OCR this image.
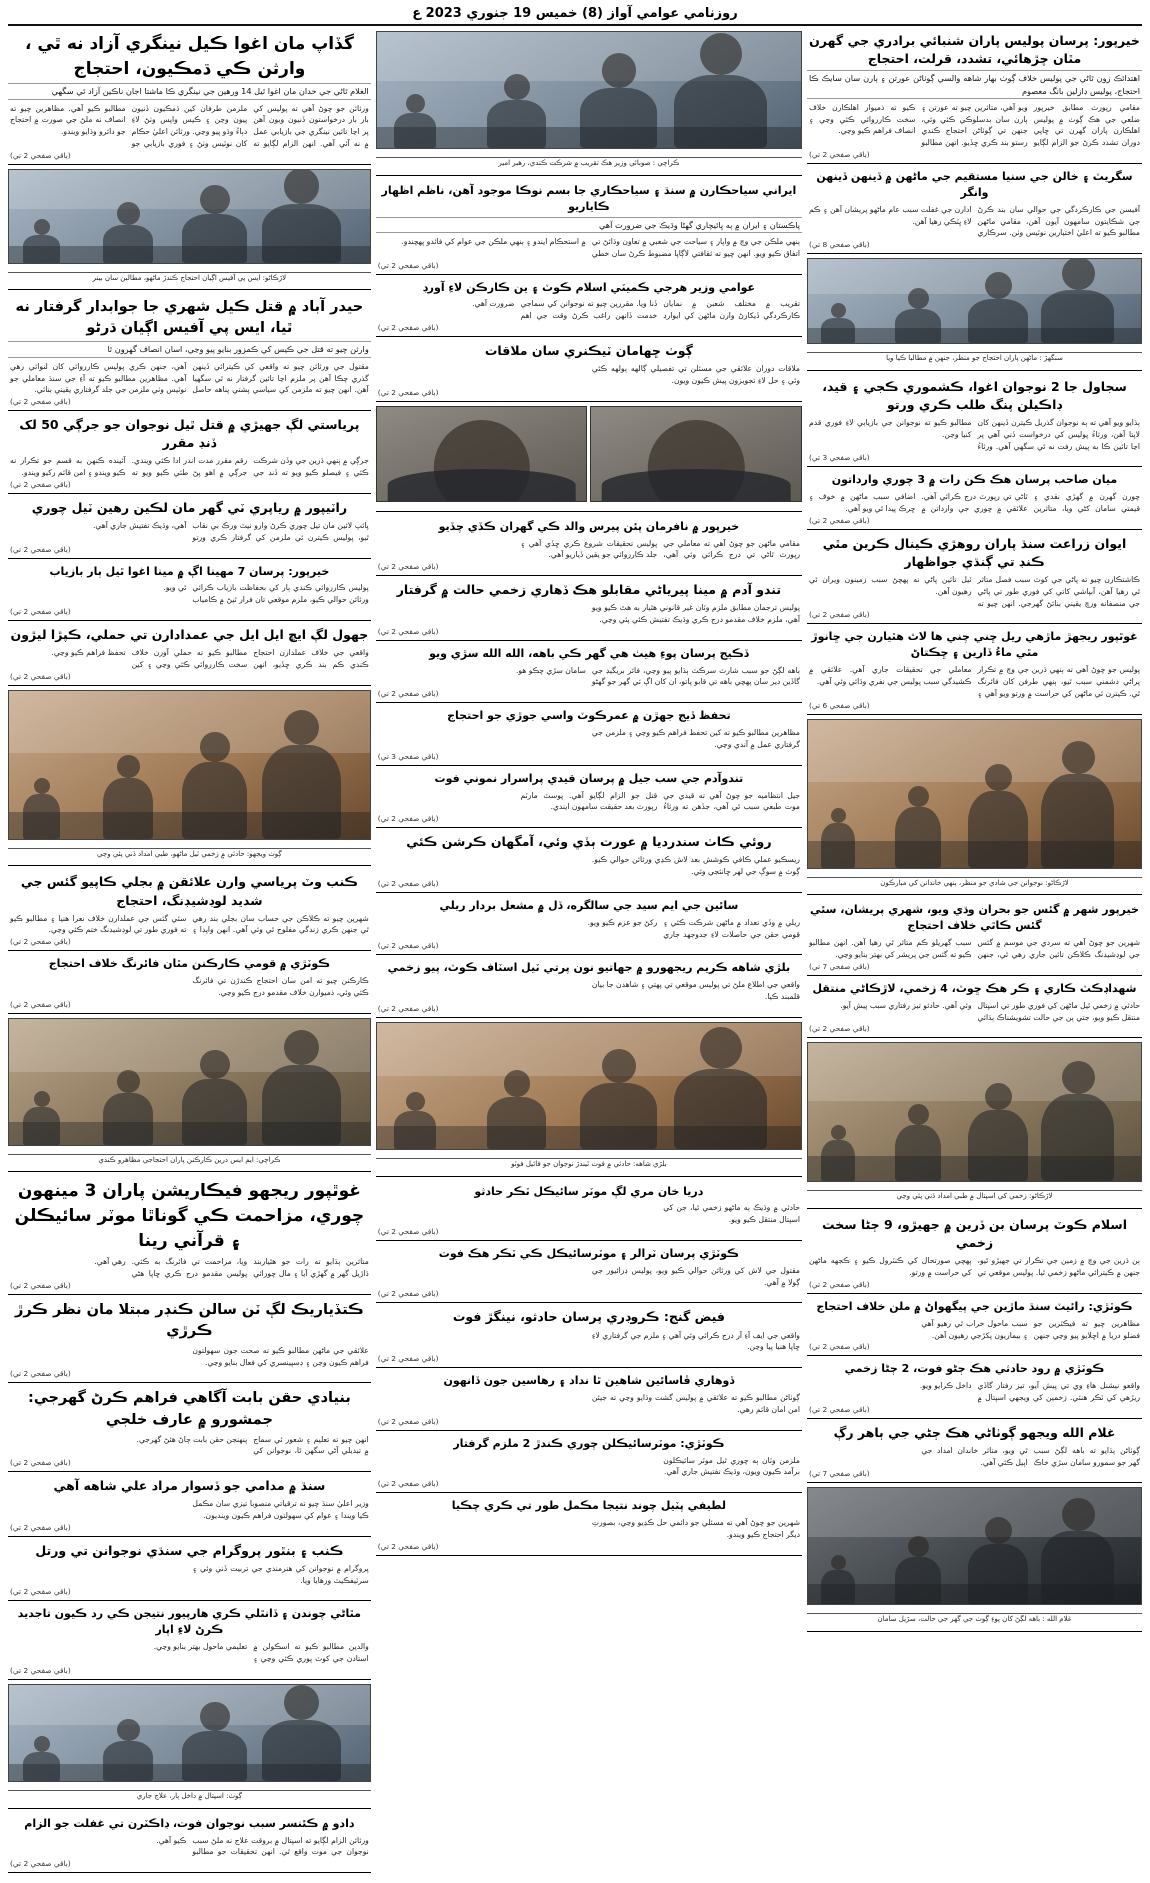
روزنامي عوامي آواز (8) خميس 19 جنوري 2023 ع
خيرپور: پرسان پوليس پاران شنبائي برادري جي گهرن مٿان چڙهائي، تشدد، قرلت، احتجاج
اهتدائڪ زون ٿاڻي جي پوليس خلاف ڳوٺ بهار شاهه والسي ڳوٺاڻن عورتن ۽ ٻارن سان سايڪ ڪا احتجاج، پوليس ڊازلين بانگ معصوم
مقامي رپورٽ مطابق خيرپور ضلعي جي هڪ ڳوٺ ۾ پوليس اهلڪارن پاران گهرن تي ڇاپي دوران تشدد ڪرڻ جو الزام لڳايو ويو آهي، متاثرين چيو ته عورتن ۽ ٻارن سان بدسلوڪي ڪئي وئي، جنهن تي ڳوٺاڻن احتجاج ڪندي رستو بند ڪري ڇڏيو. انهن مطالبو ڪيو ته ذميوار اهلڪارن خلاف سخت ڪارروائي ڪئي وڃي ۽ انصاف فراهم ڪيو وڃي.
(باقي صفحي 2 تي)
سگريٽ ۽ خالن جي سنيا مستقيم جي ماڻهن ۾ ڏينهن ڏينهن وانگر
آفيسن جي ڪارڪردگي جي حوالي سان بند ڪرڻ جي شڪايتون سامهون آيون آهن، مقامي ماڻهن مطالبو ڪيو ته اعليٰ اختيارين نوٽيس وٺن. سرڪاري ادارن جي غفلت سبب عام ماڻهو پريشان آهن ۽ ڪم لاءِ ڀٽڪي رهيا آهن.
(باقي صفحي 8 تي)
سنگهڙ : ماڻهن پاران احتجاج جو منظر، جنهن ۾ مطالبا ڪيا ويا
سجاول جا 2 نوجوان اغوا، ڪشموري ڪجي ۽ قيد، ڊاڪيلن پنگ طلب ڪري ورتو
ٻڌايو ويو آهي ته ٻه نوجوان گذريل ڪيترن ڏينهن کان لاپتا آهن، ورثاءُ پوليس کي درخواست ڏني آهي پر اڃا تائين ڪا به پيش رفت نه ٿي سگهي آهي. ورثاءُ مطالبو ڪيو ته نوجوانن جي بازيابي لاءِ فوري قدم کنيا وڃن.
(باقي صفحي 3 تي)
ميان صاحب پرسان هڪ ڪن رات ۾ 3 چوري وارداتون
چورن گهرن ۾ گهڙي نقدي ۽ قيمتي سامان کڻي ويا، متاثرين ٿاڻي تي رپورٽ درج ڪرائي آهي. علائقي ۾ چوري جي وارداتن ۾ اضافي سبب ماڻهن ۾ خوف ۽ ڇرڪ پيدا ٿي ويو آهي.
(باقي صفحي 2 تي)
ايوان زراعت سنڌ پاران روهڙي ڪينال ڪرين مٿي ڪنڊ تي ڳنڌي جواظهار
ڪاشتڪارن چيو ته پاڻي جي کوٽ سبب فصل متاثر ٿي رهيا آهن، آبپاشي کاتي کي فوري طور تي پاڻي جي منصفانه ورڇ يقيني بنائڻ گهرجي. انهن چيو ته ٽيل تائين پاڻي نه پهچڻ سبب زمينون ويران ٿي رهيون آهن.
(باقي صفحي 2 تي)
غوٿپور ريجهڙ ماڙهي ريل ڇني چني ها لاٿ هٿيارن جي ڇانوڙ مٿي ماءُ ڏارين ۽ ڇڪتاڻ
پوليس جو چوڻ آهي ته ٻنهي ڌرين جي وچ ۾ تڪرار پراڻي دشمني سبب ٿيو، ٻنهي طرفن کان فائرنگ ٿي. ڪيترن ئي ماڻهن کي حراست ۾ ورتو ويو آهي ۽ معاملي جي تحقيقات جاري آهي. علائقي ۾ ڪشيدگي سبب پوليس جي نفري وڌائي وئي آهي.
(باقي صفحي 6 تي)
لاڙڪاڻو: نوجوانن جي شادي جو منظر، ٻنهي خاندانن کي مبارڪون
خيرپور شهر ۾ گئس جو بحران وڌي ويو، شهري پريشان، سئي گئس ڪاٿي خلاف احتجاج
شهرين جو چوڻ آهي ته سردي جي موسم ۾ گئس جي لوڊشيڊنگ ڪلاڪن تائين جاري رهي ٿي، جنهن سبب گهريلو ڪم متاثر ٿي رهيا آهن. انهن مطالبو ڪيو ته گئس جي پريشر کي بهتر بنايو وڃي.
(باقي صفحي 7 تي)
شهداڊڪٽ ڪاري ۽ ڪر هڪ ڇوٽ، 4 زخمي، لاڙڪاڻي منتقل
حادثي ۾ زخمي ٿيل ماڻهن کي فوري طور تي اسپتال منتقل ڪيو ويو، جتي ٻن جي حالت تشويشناڪ ٻڌائي وئي آهي. حادثو تيز رفتاري سبب پيش آيو.
(باقي صفحي 2 تي)
لاڙڪاڻو: زخمي کي اسپتال ۾ طبي امداد ڏني پئي وڃي
اسلام ڪوٽ پرسان بن ڏرين ۾ جهيڙو، 9 ڄڻا سخت زخمي
ٻن ڌرين جي وچ ۾ زمين جي تڪرار تي جهيڙو ٿيو، جنهن ۾ ڪيترائي ماڻهو زخمي ٿيا. پوليس موقعي تي پهچي صورتحال کي ڪنٽرول ڪيو ۽ ڪجهه ماڻهن کي حراست ۾ ورتو.
(باقي صفحي 2 تي)
ڪوٽڙي: رائيٽ سنڌ ماڙين جي پيگهواڻ ۾ ملن خلاف احتجاج
مظاهرين چيو ته فيڪٽرين جو فضلو دريا ۾ اڇلايو پيو وڃي جنهن سبب ماحول خراب ٿي رهيو آهي ۽ بيماريون پکڙجي رهيون آهن.
(باقي صفحي 2 تي)
ڪوٽڙي ۾ رود حادثي هڪ ڄڻو فوت، 2 ڄڻا زخمي
واقعو نيشنل هاءِ وي تي پيش آيو، تيز رفتار گاڏي ريڙهي کي ٽڪر هنئي. زخمين کي ويجهي اسپتال ۾ داخل ڪرايو ويو.
(باقي صفحي 2 تي)
غلام الله ويجهو ڳوٺاڻي هڪ ڄڻي جي ٻاهر رڳ
ڳوٺاڻن ٻڌايو ته باهه لڳڻ سبب گهر جو سمورو سامان سڙي خاڪ ٿي ويو، متاثر خاندان امداد جي اپيل ڪئي آهي.
(باقي صفحي 7 تي)
غلام الله : باهه لڳڻ کان پوءِ ڳوٺ جي گهر جي حالت، سڙيل سامان
ڪراچي : صوبائي وزير هڪ تقريب ۾ شرڪت ڪندي، رهبر امير
ايراني سياحڪارن ۾ سنڌ ۽ سياحڪاري جا بسم نوڪا موجود آهن، ناظم اظهار ڪاياريو
پاڪستان ۽ ايران ۾ ٻه ڀائيچاري گهڻا وڌيڪ جي ضرورت آهي
ٻنهي ملڪن جي وچ ۾ واپار ۽ سياحت جي شعبي ۾ تعاون وڌائڻ تي اتفاق ڪيو ويو. انهن چيو ته ثقافتي لاڳاپا مضبوط ڪرڻ سان خطي ۾ استحڪام ايندو ۽ ٻنهي ملڪن جي عوام کي فائدو پهچندو.
(باقي صفحي 2 تي)
عوامي وزير هرجي ڪميٽي اسلام ڪوٽ ۽ ين ڪارڪن لاءِ آورڊ
تقريب ۾ مختلف شعبن ۾ نمايان ڪارڪردگي ڏيکارڻ وارن ماڻهن کي ايوارڊ ڏنا ويا. مقررين چيو ته نوجوانن کي سماجي خدمت ڏانهن راغب ڪرڻ وقت جي اهم ضرورت آهي.
(باقي صفحي 2 تي)
ڳوٺ ڇهامان ٽيڪنري سان ملاقات
ملاقات دوران علائقي جي مسئلن تي تفصيلي ڳالهه ٻولهه ڪئي وئي ۽ حل لاءِ تجويزون پيش ڪيون ويون.
(باقي صفحي 2 تي)
خيرپور ۾ نافرمان پئن پيرس والد ڪي گهران ڪڏي چڏيو
مقامي ماڻهن جو چوڻ آهي ته معاملي جي رپورٽ ٿاڻي تي درج ڪرائي وئي آهي، پوليس تحقيقات شروع ڪري ڇڏي آهي ۽ جلد ڪارروائي جو يقين ڏياريو آهي.
(باقي صفحي 2 تي)
تندو آدم ۾ مينا پيرياڻي مقابلو هڪ ڏهاري زخمي حالت ۾ گرفتار
پوليس ترجمان مطابق ملزم وٽان غير قانوني هٿيار به هٿ ڪيو ويو آهي، ملزم خلاف مقدمو درج ڪري وڌيڪ تفتيش ڪئي پئي وڃي.
(باقي صفحي 2 تي)
ڏڪيج پرسان پوءِ هيٺ هي گهر ڪي باهه، الله الله سڙي ويو
باهه لڳڻ جو سبب شارٽ سرڪٽ ٻڌايو پيو وڃي، فائر بريگيڊ جي گاڏين دير سان پهچي باهه تي قابو پاتو، ان کان اڳ ئي گهر جو گهڻو سامان سڙي چڪو هو.
(باقي صفحي 2 تي)
تحفظ ڏيج جهڙن ۾ عمرڪوٽ واسي جوڙي جو احتجاج
مظاهرين مطالبو ڪيو ته کين تحفظ فراهم ڪيو وڃي ۽ ملزمن جي گرفتاري عمل ۾ آندي وڃي.
(باقي صفحي 3 تي)
تندوآدم جي سب جيل ۾ پرسان قيدي پراسرار نموني فوت
جيل انتظاميه جو چوڻ آهي ته قيدي جي موت طبعي سبب ٿي آهي، جڏهن ته ورثاءُ قتل جو الزام لڳايو آهي. پوسٽ مارٽم رپورٽ بعد حقيقت سامهون ايندي.
(باقي صفحي 2 تي)
روئي ڪاٺ سندرديا ۾ عورت ٻڏي وئي، آمگهان ڪرشن ڪئي
ريسڪيو عملي ڪافي ڪوشش بعد لاش ڪڍي ورثائن حوالي ڪيو. ڳوٺ ۾ سوڳ جي لهر ڇانئجي وئي.
(باقي صفحي 2 تي)
سائين جي ايم سيد جي سالگره، ڏل ۾ مشعل بردار ريلي
ريلي ۾ وڏي تعداد ۾ ماڻهن شرڪت ڪئي ۽ قومي حقن جي حاصلات لاءِ جدوجهد جاري رکڻ جو عزم ڪيو ويو.
(باقي صفحي 2 تي)
بلڙي شاهه ڪريم ريجهورو ۾ جهاتيو نون پرتي ٽيل اسٽاف ڪوٽ، پيو زخمي
واقعي جي اطلاع ملڻ تي پوليس موقعي تي پهتي ۽ شاهدن جا بيان قلمبند ڪيا.
(باقي صفحي 2 تي)
بلڙي شاهه: حادثي ۾ فوت ٿيندڙ نوجوان جو فائيل فوٽو
دريا خان مري لڳ موٽر سائيڪل ٽڪر حادثو
حادثي ۾ وڌيڪ ٻه ماڻهو زخمي ٿيا، جن کي اسپتال منتقل ڪيو ويو.
(باقي صفحي 2 تي)
ڪوٽڙي پرسان ٽرالر ۽ موٽرسائيڪل ڪي ٽڪر هڪ فوت
مقتول جي لاش کي ورثائن حوالي ڪيو ويو، پوليس ڊرائيور جي ڳولا ۾ آهي.
(باقي صفحي 2 تي)
فيض گنج: ڪروڊري پرسان حادثو، نينگڙ فوت
واقعي جي ايف آءِ آر درج ڪرائي وئي آهي ۽ ملزم جي گرفتاري لاءِ ڇاپا هنيا پيا وڃن.
(باقي صفحي 2 تي)
ڏوهاري ڦاسائين شاهين ٿا نداد ۽ رهاسين جون ڏانهون
ڳوٺاڻن مطالبو ڪيو ته علائقي ۾ پوليس گشت وڌايو وڃي ته جيئن امن امان قائم رهي.
(باقي صفحي 2 تي)
ڪوٽڙي: موٽرسائيڪلن چوري ڪندڙ 2 ملزم گرفتار
ملزمن وٽان ٻه چوري ٿيل موٽر سائيڪلون برآمد ڪيون ويون، وڌيڪ تفتيش جاري آهي.
(باقي صفحي 2 تي)
لطيفي پٽيل چوند نتيجا مڪمل طور تي ڪري چڪيا
شهرين جو چوڻ آهي ته مسئلي جو دائمي حل ڪڍيو وڃي، بصورتِ ديگر احتجاج ڪيو ويندو.
(باقي صفحي 2 تي)
گڏاپ مان اغوا ڪيل نينگري آزاد نه ٿي ، وارثن ڪي ڌمڪيون، احتجاج
الغلام ٿاڻي جي حدان مان اغوا ٿيل 14 ورهين جي نينگري ڪا ماشتا اجان ناڪين آزاد ٿي سگهي
ورثائن جو چوڻ آهي ته پوليس کي بار بار درخواستون ڏنيون ويون آهن پر اڃا تائين نينگري جي بازيابي عمل ۾ نه آئي آهي. انهن الزام لڳايو ته ملزمن طرفان کين ڌمڪيون ڏنيون پيون وڃن ۽ ڪيس واپس وٺڻ لاءِ دٻاءُ وڌو پيو وڃي. ورثائن اعليٰ حڪام کان نوٽيس وٺڻ ۽ فوري بازيابي جو مطالبو ڪيو آهي. مظاهرين چيو ته انصاف نه ملڻ جي صورت ۾ احتجاج جو دائرو وڌايو ويندو.
(باقي صفحي 2 تي)
لاڙڪاڻو: ايس پي آفيس اڳيان احتجاج ڪندڙ ماڻهو، مطالبن سان بينر
حيدر آباد ۾ قتل ڪيل شهري جا جوابدار گرفتار نه ٿيا، ايس پي آفيس اڳيان ڌرڻو
وارثن چيو ته قتل جي ڪيس کي ڪمزور بنايو پيو وڃي، اسان انصاف گهرون ٿا
مقتول جي ورثائن چيو ته واقعي کي ڪيترائي ڏينهن گذري چڪا آهن پر ملزم اڃا تائين گرفتار نه ٿي سگهيا آهن. انهن چيو ته ملزمن کي سياسي پشتي پناهه حاصل آهي، جنهن ڪري پوليس ڪارروائي کان لنوائي رهي آهي. مظاهرين مطالبو ڪيو ته آءِ جي سنڌ معاملي جو نوٽيس وٺي ملزمن جي جلد گرفتاري يقيني بنائي.
(باقي صفحي 2 تي)
پرياستي لڳ جهيڙي ۾ قتل ٿيل نوجوان جو جرڳي 50 لک ڏنڊ مقرر
جرڳي ۾ ٻنهي ڌرين جي وڏن شرڪت ڪئي ۽ فيصلو ڪيو ويو ته ڏنڊ جي رقم مقرر مدت اندر ادا ڪئي ويندي. جرڳي ۾ اهو پڻ طئي ڪيو ويو ته آئينده ڪنهن به قسم جو تڪرار نه ڪيو ويندو ۽ امن قائم رکيو ويندو.
(باقي صفحي 2 تي)
راٽيپور ۾ رياپري ٽي گهر مان لڪين رهين ٽيل چوري
پائپ لائين مان تيل چوري ڪرڻ وارو نيٽ ورڪ بي نقاب ٿيو، پوليس ڪيترن ئي ملزمن کي گرفتار ڪري ورتو آهي، وڌيڪ تفتيش جاري آهي.
(باقي صفحي 2 تي)
خيرپور: پرسان 7 مهينا اڳ ۾ مينا اغوا ٿيل ٻار بازياب
پوليس ڪارروائي ڪندي ٻار کي بحفاظت بازياب ڪرائي ورثائن حوالي ڪيو، ملزم موقعي تان فرار ٿيڻ ۾ ڪامياب ٿي ويو.
(باقي صفحي 2 تي)
جهول لڳ ايڇ ايل ايل جي عمدادارن تي حملي، ڪپڙا ليڙون
واقعي جي خلاف عملدارن احتجاج ڪندي ڪم بند ڪري ڇڏيو، انهن مطالبو ڪيو ته حملي آورن خلاف سخت ڪارروائي ڪئي وڃي ۽ کين تحفظ فراهم ڪيو وڃي.
(باقي صفحي 2 تي)
ڳوٺ ويجهو: حادثي ۾ زخمي ٿيل ماڻهو، طبي امداد ڏني پئي وڃي
ڪنب وٽ پرياسي وارن علائقن ۾ بجلي ڪاپيو گئس جي شديد لوڊشيڊنگ، احتجاج
شهرين چيو ته ڪلاڪن جي حساب سان بجلي بند رهي ٿي جنهن ڪري زندگي مفلوج ٿي وئي آهي. انهن واپڊا ۽ سئي گئس جي عملدارن خلاف نعرا هنيا ۽ مطالبو ڪيو ته فوري طور تي لوڊشيڊنگ ختم ڪئي وڃي.
(باقي صفحي 2 تي)
ڪوٽڙي ۾ قومي ڪارڪنن مٿان فائرنگ خلاف احتجاج
ڪارڪنن چيو ته امن سان احتجاج ڪندڙن تي فائرنگ ڪئي وئي، ذميوارن خلاف مقدمو درج ڪيو وڃي.
(باقي صفحي 2 تي)
ڪراچي: ايم ايس درين ڪارڪنن پاران احتجاجي مظاهرو ڪندي
غوٿپور ريجهو فيڪاريشن پاران 3 مينهون چوري، مزاحمت ڪي گوناٿا موٽر سائيڪلن ۽ قرآني رينا
متاثرين ٻڌايو ته رات جو هٿياربند ڌاڙيل گهر ۾ گهڙي آيا ۽ مال چورائي ويا، مزاحمت تي فائرنگ به ڪئي. پوليس مقدمو درج ڪري ڇاپا هڻي رهي آهي.
(باقي صفحي 2 تي)
ڪتڏياريڪ لڳ ٽن سالن ڪنڊر مبتلا مان نظر ڪرڙ ڪرڙي
علائقي جي ماڻهن مطالبو ڪيو ته صحت جون سهولتون فراهم ڪيون وڃن ۽ ڊسپينسري کي فعال بنايو وڃي.
(باقي صفحي 2 تي)
بنيادي حقن بابت آگاهي فراهم ڪرڻ گهرجي: جمشورو ۾ عارف خلجي
انهن چيو ته تعليم ۽ شعور ئي سماج ۾ تبديلي آڻي سگهن ٿا، نوجوانن کي پنهنجن حقن بابت ڄاڻ هئڻ گهرجي.
(باقي صفحي 2 تي)
سنڌ ۾ مدامي جو ڏسوار مراد علي شاهه آهي
وزير اعليٰ سنڌ چيو ته ترقياتي منصوبا تيزي سان مڪمل ڪيا ويندا ۽ عوام کي سهولتون فراهم ڪيون وينديون.
(باقي صفحي 2 تي)
ڪنب ۽ بنٿور پروگرام جي سنڌي نوجوانن تي ورتل
پروگرام ۾ نوجوانن کي هنرمندي جي تربيت ڏني وئي ۽ سرٽيفڪيٽ ورهايا ويا.
(باقي صفحي 2 تي)
مٿاڻي چوندن ۽ ڏانٿلي ڪري هارپيور نتيجن ڪي رد ڪيون تاجديد ڪرڻ لاءِ اپار
والدين مطالبو ڪيو ته اسڪولن ۾ استادن جي کوٽ پوري ڪئي وڃي ۽ تعليمي ماحول بهتر بنايو وڃي.
(باقي صفحي 2 تي)
ڳوٺ: اسپتال ۾ داخل ٻار، علاج جاري
دادو ۾ ڪئنسر سبب نوجوان فوت، ڊاڪٽرن تي غفلت جو الزام
ورثائن الزام لڳايو ته اسپتال ۾ بروقت علاج نه ملڻ سبب نوجوان جي موت واقع ٿي. انهن تحقيقات جو مطالبو ڪيو آهي.
(باقي صفحي 2 تي)
